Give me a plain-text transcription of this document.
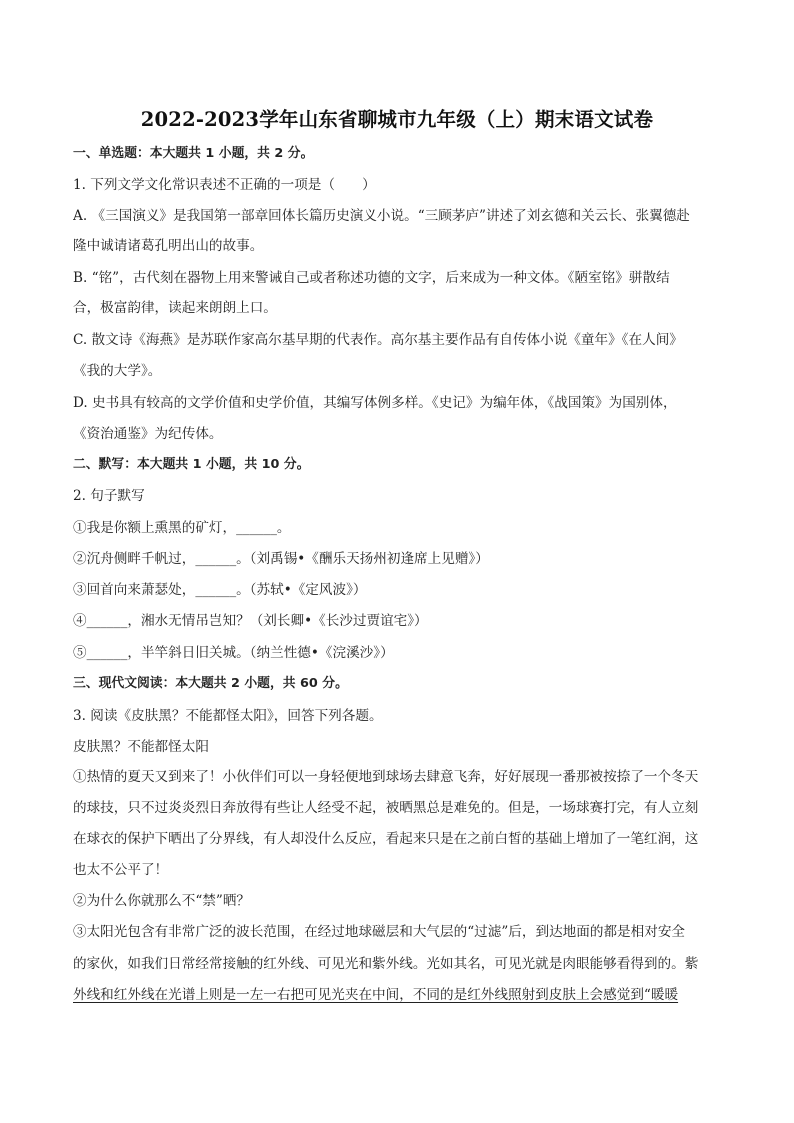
2022-2023学年山东省聊城市九年级（上）期末语文试卷
一、单选题：本大题共 1 小题，共 2 分。
1. 下列文学文化常识表述不正确的一项是（　　）
A. 《三国演义》是我国第一部章回体长篇历史演义小说。“三顾茅庐”讲述了刘玄德和关云长、张翼德赴
隆中诚请诸葛孔明出山的故事。
B. “铭”，古代刻在器物上用来警诫自己或者称述功德的文字，后来成为一种文体。《陋室铭》骈散结
合，极富韵律，读起来朗朗上口。
C. 散文诗《海燕》是苏联作家高尔基早期的代表作。高尔基主要作品有自传体小说《童年》《在人间》
《我的大学》。
D. 史书具有较高的文学价值和史学价值，其编写体例多样。《史记》为编年体，《战国策》为国别体，
《资治通鉴》为纪传体。
二、默写：本大题共 1 小题，共 10 分。
2. 句子默写
①我是你额上熏黑的矿灯，______。
②沉舟侧畔千帆过，______。（刘禹锡•《酬乐天扬州初逢席上见赠》）
③回首向来萧瑟处，______。（苏轼•《定风波》）
④______，湘水无情吊岂知？（刘长卿•《长沙过贾谊宅》）
⑤______，半竿斜日旧关城。（纳兰性德•《浣溪沙》）
三、现代文阅读：本大题共 2 小题，共 60 分。
3. 阅读《皮肤黑？不能都怪太阳》，回答下列各题。
皮肤黑？不能都怪太阳
①热情的夏天又到来了！小伙伴们可以一身轻便地到球场去肆意飞奔，好好展现一番那被按捺了一个冬天
的球技，只不过炎炎烈日奔放得有些让人经受不起，被晒黑总是难免的。但是，一场球赛打完，有人立刻
在球衣的保护下晒出了分界线，有人却没什么反应，看起来只是在之前白皙的基础上增加了一笔红润，这
也太不公平了！
②为什么你就那么不“禁”晒？
③太阳光包含有非常广泛的波长范围，在经过地球磁层和大气层的“过滤”后，到达地面的都是相对安全
的家伙，如我们日常经常接触的红外线、可见光和紫外线。光如其名，可见光就是肉眼能够看得到的。紫
外线和红外线在光谱上则是一左一右把可见光夹在中间，不同的是红外线照射到皮肤上会感觉到“暖暖
